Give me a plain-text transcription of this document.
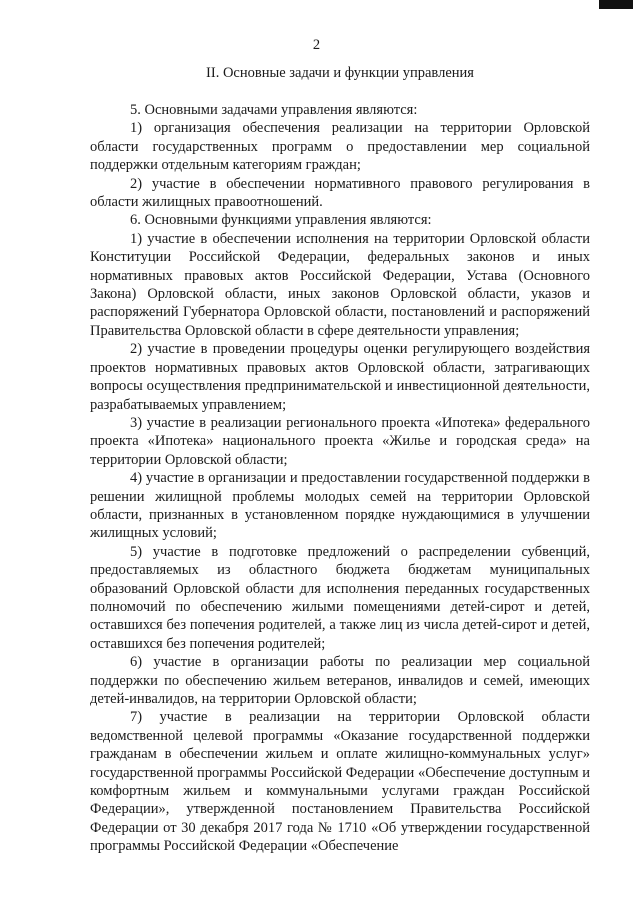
2
II. Основные задачи и функции управления

5. Основными задачами управления являются:

1) организация обеспечения реализации на территории Орловской области государственных программ о предоставлении мер социальной поддержки отдельным категориям граждан;

2) участие в обеспечении нормативного правового регулирования в области жилищных правоотношений.

6. Основными функциями управления являются:

1) участие в обеспечении исполнения на территории Орловской области Конституции Российской Федерации, федеральных законов и иных нормативных правовых актов Российской Федерации, Устава (Основного Закона) Орловской области, иных законов Орловской области, указов и распоряжений Губернатора Орловской области, постановлений и распоряжений Правительства Орловской области в сфере деятельности управления;

2) участие в проведении процедуры оценки регулирующего воздействия проектов нормативных правовых актов Орловской области, затрагивающих вопросы осуществления предпринимательской и инвестиционной деятельности, разрабатываемых управлением;

3) участие в реализации регионального проекта «Ипотека» федерального проекта «Ипотека» национального проекта «Жилье и городская среда» на территории Орловской области;

4) участие в организации и предоставлении государственной поддержки в решении жилищной проблемы молодых семей на территории Орловской области, признанных в установленном порядке нуждающимися в улучшении жилищных условий;

5) участие в подготовке предложений о распределении субвенций, предоставляемых из областного бюджета бюджетам муниципальных образований Орловской области для исполнения переданных государственных полномочий по обеспечению жилыми помещениями детей-сирот и детей, оставшихся без попечения родителей, а также лиц из числа детей-сирот и детей, оставшихся без попечения родителей;

6) участие в организации работы по реализации мер социальной поддержки по обеспечению жильем ветеранов, инвалидов и семей, имеющих детей-инвалидов, на территории Орловской области;

7) участие в реализации на территории Орловской области ведомственной целевой программы «Оказание государственной поддержки гражданам в обеспечении жильем и оплате жилищно-коммунальных услуг» государственной программы Российской Федерации «Обеспечение доступным и комфортным жильем и коммунальными услугами граждан Российской Федерации», утвержденной постановлением Правительства Российской Федерации от 30 декабря 2017 года № 1710 «Об утверждении государственной программы Российской Федерации «Обеспечение
